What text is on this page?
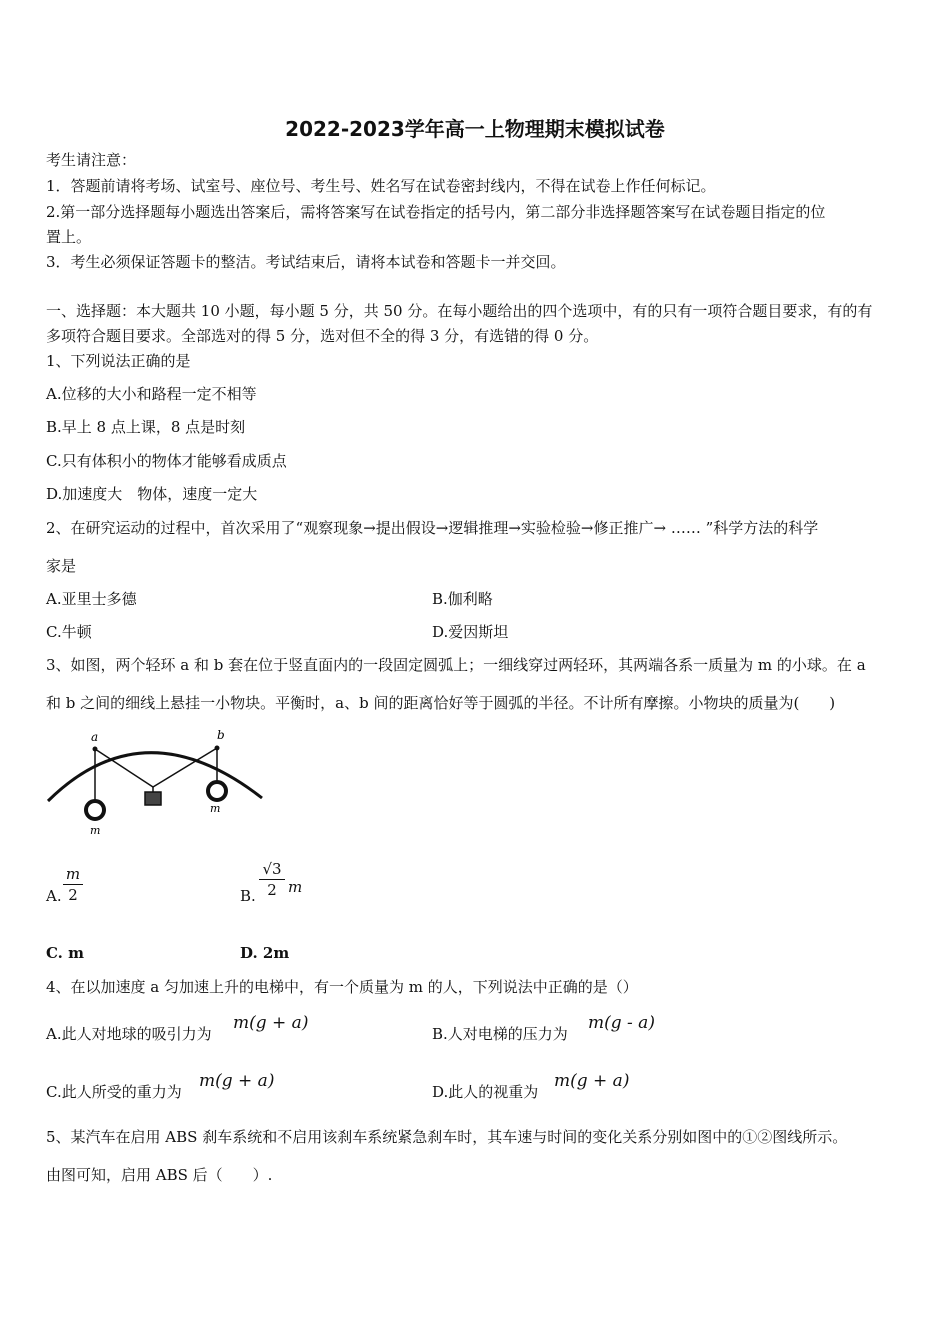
2022-2023学年高一上物理期末模拟试卷
考生请注意：
1．答题前请将考场、试室号、座位号、考生号、姓名写在试卷密封线内，不得在试卷上作任何标记。
2.第一部分选择题每小题选出答案后，需将答案写在试卷指定的括号内，第二部分非选择题答案写在试卷题目指定的位
置上。
3．考生必须保证答题卡的整洁。考试结束后，请将本试卷和答题卡一并交回。
一、选择题：本大题共 10 小题，每小题 5 分，共 50 分。在每小题给出的四个选项中，有的只有一项符合题目要求，有的有
多项符合题目要求。全部选对的得 5 分，选对但不全的得 3 分，有选错的得 0 分。
1、下列说法正确的是
A.位移的大小和路程一定不相等
B.早上 8 点上课，8 点是时刻
C.只有体积小的物体才能够看成质点
D.加速度大　物体，速度一定大
2、在研究运动的过程中，首次采用了“观察现象→提出假设→逻辑推理→实验检验→修正推广→ …… ”科学方法的科学
家是
A.亚里士多德	B.伽利略
C.牛顿	D.爱因斯坦
3、如图，两个轻环 a 和 b 套在位于竖直面内的一段固定圆弧上；一细线穿过两轻环，其两端各系一质量为 m 的小球。在 a
和 b 之间的细线上悬挂一小物块。平衡时，a、b 间的距离恰好等于圆弧的半径。不计所有摩擦。小物块的质量为(　　)
a	b
m
m
A.
m
2	B.
√3
2 m
C. m	D. 2m
4、在以加速度 a 匀加速上升的电梯中，有一个质量为 m 的人，下列说法中正确的是（）
A.此人对地球的吸引力为
m(g + a)
B.人对电梯的压力为
m(g - a)
C.此人所受的重力为
m(g + a)
D.此人的视重为
m(g + a)
5、某汽车在启用 ABS 刹车系统和不启用该刹车系统紧急刹车时，其车速与时间的变化关系分别如图中的①②图线所示。
由图可知，启用 ABS 后（　　）.
